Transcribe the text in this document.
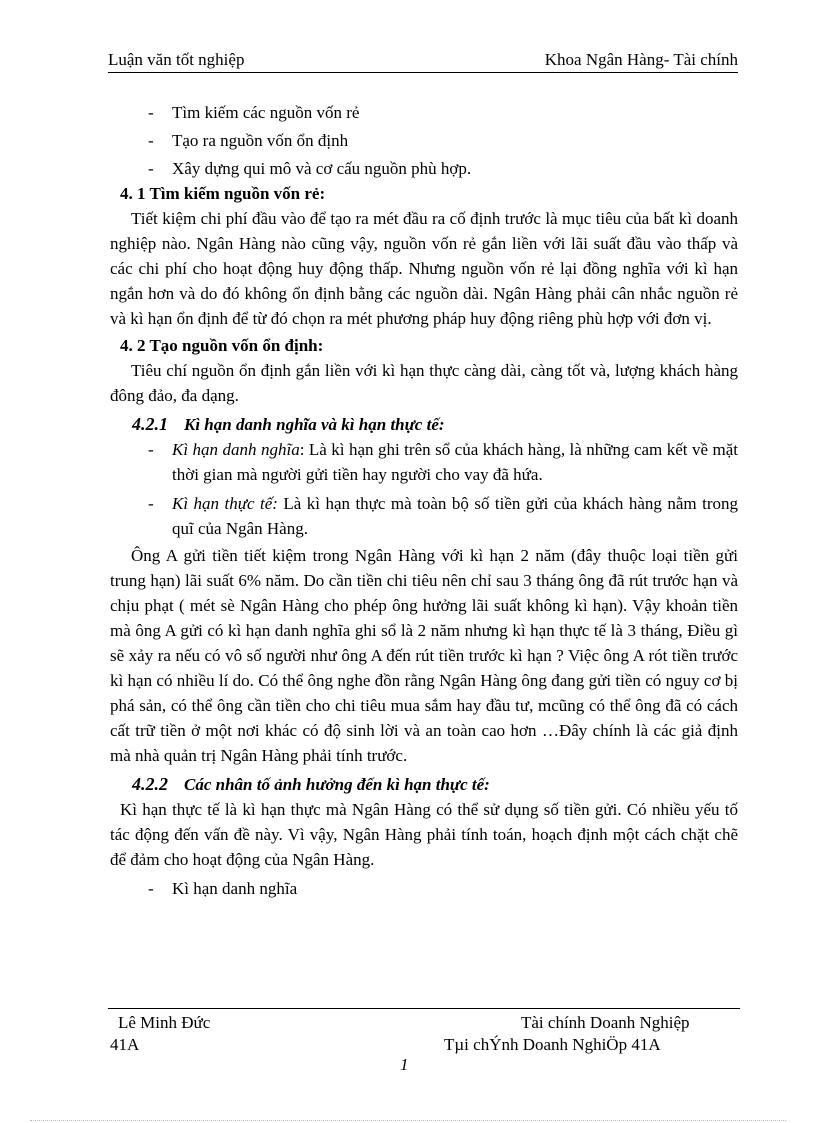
Luận văn tốt nghiệp	Khoa Ngân Hàng- Tài chính
- Tìm kiếm các nguồn vốn rẻ
- Tạo ra nguồn vốn ổn định
- Xây dựng qui mô và cơ cấu nguồn phù hợp.
4. 1 Tìm kiếm nguồn vốn rẻ:
Tiết kiệm chi phí đầu vào để tạo ra mét đầu ra cố định trước là mục tiêu của bất kì doanh nghiệp nào. Ngân Hàng nào cũng vậy, nguồn vốn rẻ gắn liền với lãi suất đầu vào thấp và các chi phí cho hoạt động huy động thấp. Nhưng nguồn vốn rẻ lại đồng nghĩa với kì hạn ngắn hơn và do đó không ổn định bằng các nguồn dài. Ngân Hàng phải cân nhắc nguồn rẻ và kì hạn ổn định để từ đó chọn ra mét phương pháp huy động riêng phù hợp với đơn vị.
4. 2 Tạo nguồn vốn ổn định:
Tiêu chí nguồn ổn định gắn liền với kì hạn thực càng dài, càng tốt và, lượng khách hàng đông đảo, đa dạng.
4.2.1 Kì hạn danh nghĩa và kì hạn thực tế:
- Kì hạn danh nghĩa: Là kì hạn ghi trên sổ của khách hàng, là những cam kết về mặt thời gian mà người gửi tiền hay người cho vay đã hứa.
- Kì hạn thực tế: Là kì hạn thực mà toàn bộ số tiền gửi của khách hàng nằm trong quĩ của Ngân Hàng.
Ông A gửi tiền tiết kiệm trong Ngân Hàng với kì hạn 2 năm (đây thuộc loại tiền gửi trung hạn) lãi suất 6% năm. Do cần tiền chi tiêu nên chỉ sau 3 tháng ông đã rút trước hạn và chịu phạt ( mét sè Ngân Hàng cho phép ông hưởng lãi suất không kì hạn). Vậy khoản tiền mà ông A gửi có kì hạn danh nghĩa ghi sổ là 2 năm nhưng kì hạn thực tế là 3 tháng, Điều gì sẽ xảy ra nếu có vô số người như ông A đến rút tiền trước kì hạn ? Việc ông A rót tiền trước kì hạn có nhiều lí do. Có thể ông nghe đồn rằng Ngân Hàng ông đang gửi tiền có nguy cơ bị phá sản, có thể ông cần tiền cho chi tiêu mua sắm hay đầu tư, mcũng có thể ông đã có cách cất trữ tiền ở một nơi khác có độ sinh lời và an toàn cao hơn …Đây chính là các giả định mà nhà quản trị Ngân Hàng phải tính trước.
4.2.2 Các nhân tố ảnh hưởng đến kì hạn thực tế:
Kì hạn thực tế là kì hạn thực mà Ngân Hàng có thể sử dụng số tiền gửi. Có nhiều yếu tố tác động đến vấn đề này. Vì vậy, Ngân Hàng phải tính toán, hoạch định một cách chặt chẽ để đảm cho hoạt động của Ngân Hàng.
- Kì hạn danh nghĩa
Lê Minh Đức
41A
Tài chính Doanh Nghiệp
Tµi chÝnh Doanh NghiÖp 41A
1
